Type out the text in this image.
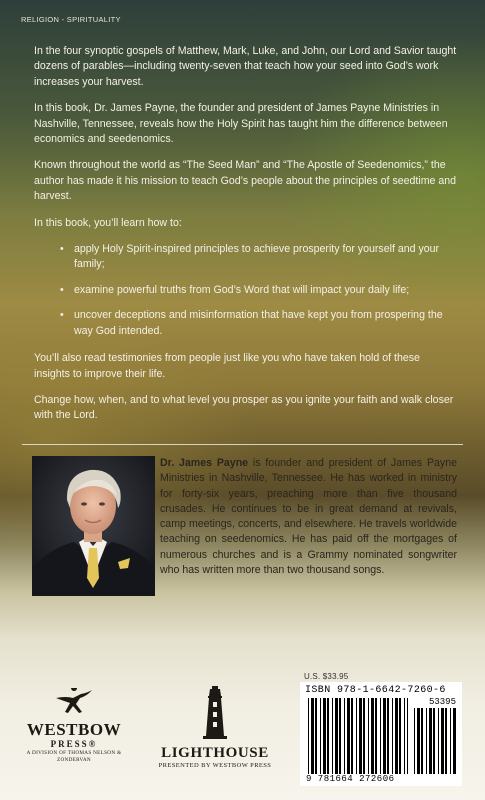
RELIGION - SPIRITUALITY

In the four synoptic gospels of Matthew, Mark, Luke, and John, our Lord and Savior taught dozens of parables—including twenty-seven that teach how your seed into God’s work increases your harvest.

In this book, Dr. James Payne, the founder and president of James Payne Ministries in Nashville, Tennessee, reveals how the Holy Spirit has taught him the difference between economics and seedenomics.

Known throughout the world as “The Seed Man” and “The Apostle of Seedenomics,” the author has made it his mission to teach God’s people about the principles of seedtime and harvest.

In this book, you’ll learn how to:

• apply Holy Spirit-inspired principles to achieve prosperity for yourself and your family;
• examine powerful truths from God’s Word that will impact your daily life;
• uncover deceptions and misinformation that have kept you from prospering the way God intended.

You’ll also read testimonies from people just like you who have taken hold of these insights to improve their life.

Change how, when, and to what level you prosper as you ignite your faith and walk closer with the Lord.

Dr. James Payne is founder and president of James Payne Ministries in Nashville, Tennessee. He has worked in ministry for forty-six years, preaching more than five thousand crusades. He continues to be in great demand at revivals, camp meetings, concerts, and elsewhere. He travels worldwide teaching on seedenomics. He has paid off the mortgages of numerous churches and is a Grammy nominated songwriter who has written more than two thousand songs.
WESTBOW
PRESS®
A DIVISION OF THOMAS NELSON & ZONDERVAN	LIGHTHOUSE
PRESENTED BY WESTBOW PRESS
U.S. $33.95
ISBN 978-1-6642-7260-6
53395
9 781664 272606
